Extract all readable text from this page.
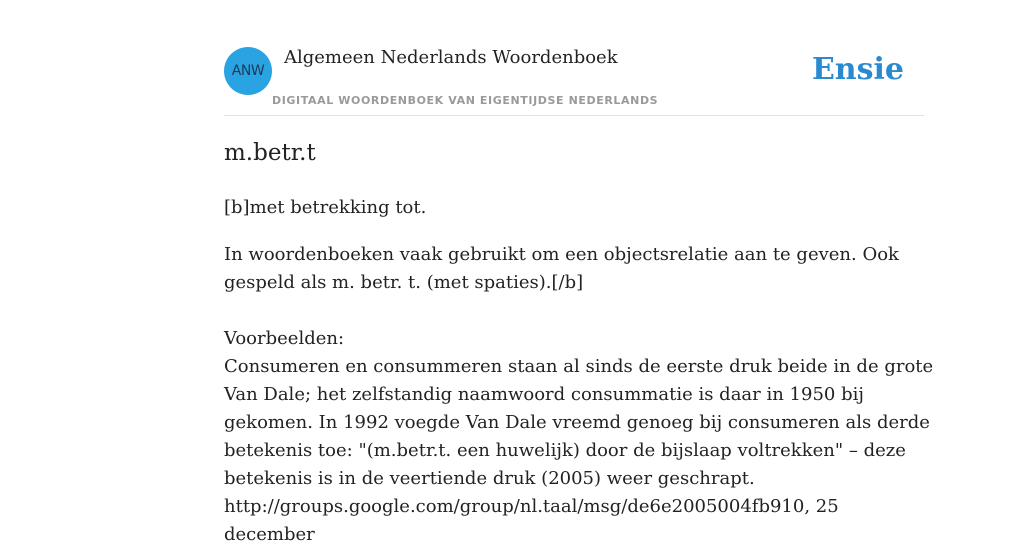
ANW
Algemeen Nederlands Woordenboek
DIGITAAL WOORDENBOEK VAN EIGENTIJDSE NEDERLANDS
Ensie
m.betr.t

[b]met betrekking tot.

In woordenboeken vaak gebruikt om een objectsrelatie aan te geven. Ook gespeld als m. betr. t. (met spaties).[/b]

Voorbeelden:

Consumeren en consummeren staan al sinds de eerste druk beide in de grote Van Dale; het zelfstandig naamwoord consummatie is daar in 1950 bij gekomen. In 1992 voegde Van Dale vreemd genoeg bij consumeren als derde betekenis toe: "(m.betr.t. een huwelijk) door de bijslaap voltrekken" – deze betekenis is in de veertiende druk (2005) weer geschrapt.

http://groups.google.com/group/nl.taal/msg/de6e2005004fb910, 25 december
